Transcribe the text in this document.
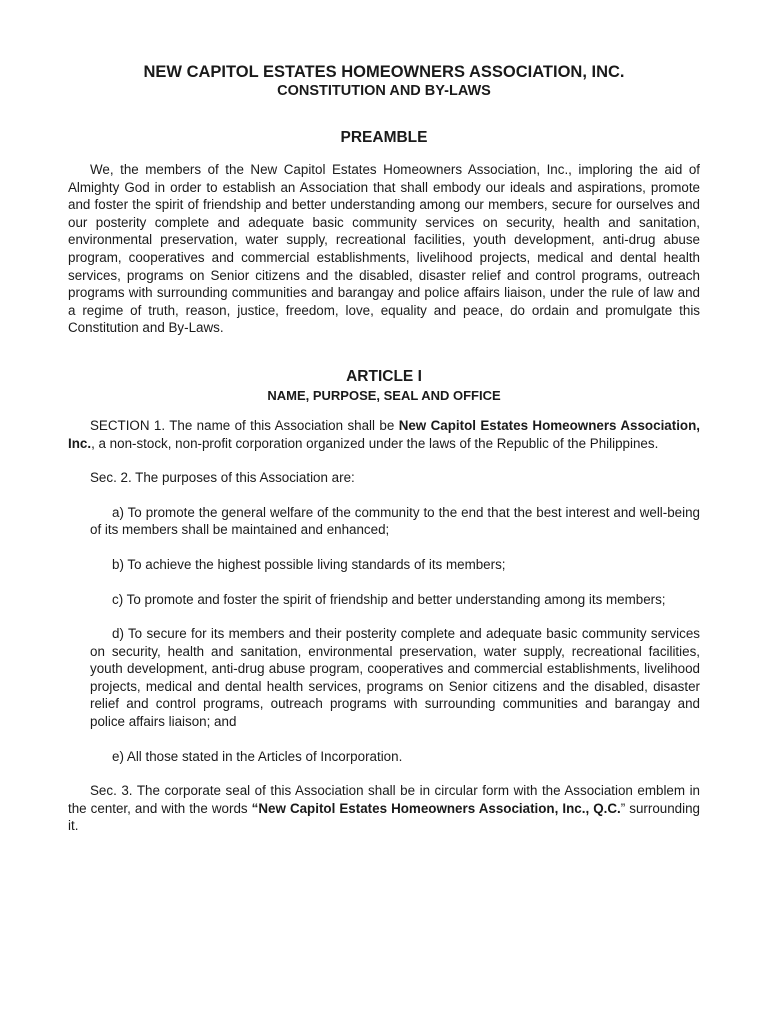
NEW CAPITOL ESTATES HOMEOWNERS ASSOCIATION, INC.
CONSTITUTION AND BY-LAWS
PREAMBLE

We, the members of the New Capitol Estates Homeowners Association, Inc., imploring the aid of Almighty God in order to establish an Association that shall embody our ideals and aspirations, promote and foster the spirit of friendship and better understanding among our members, secure for ourselves and our posterity complete and adequate basic community services on security, health and sanitation, environmental preservation, water supply, recreational facilities, youth development, anti-drug abuse program, cooperatives and commercial establishments, livelihood projects, medical and dental health services, programs on Senior citizens and the disabled, disaster relief and control programs, outreach programs with surrounding communities and barangay and police affairs liaison, under the rule of law and a regime of truth, reason, justice, freedom, love, equality and peace, do ordain and promulgate this Constitution and By-Laws.

ARTICLE I
NAME, PURPOSE, SEAL AND OFFICE

SECTION 1. The name of this Association shall be New Capitol Estates Homeowners Association, Inc., a non-stock, non-profit corporation organized under the laws of the Republic of the Philippines.

Sec. 2. The purposes of this Association are:

a) To promote the general welfare of the community to the end that the best interest and well-being of its members shall be maintained and enhanced;

b) To achieve the highest possible living standards of its members;

c) To promote and foster the spirit of friendship and better understanding among its members;

d) To secure for its members and their posterity complete and adequate basic community services on security, health and sanitation, environmental preservation, water supply, recreational facilities, youth development, anti-drug abuse program, cooperatives and commercial establishments, livelihood projects, medical and dental health services, programs on Senior citizens and the disabled, disaster relief and control programs, outreach programs with surrounding communities and barangay and police affairs liaison; and

e) All those stated in the Articles of Incorporation.

Sec. 3. The corporate seal of this Association shall be in circular form with the Association emblem in the center, and with the words “New Capitol Estates Homeowners Association, Inc., Q.C.” surrounding it.
